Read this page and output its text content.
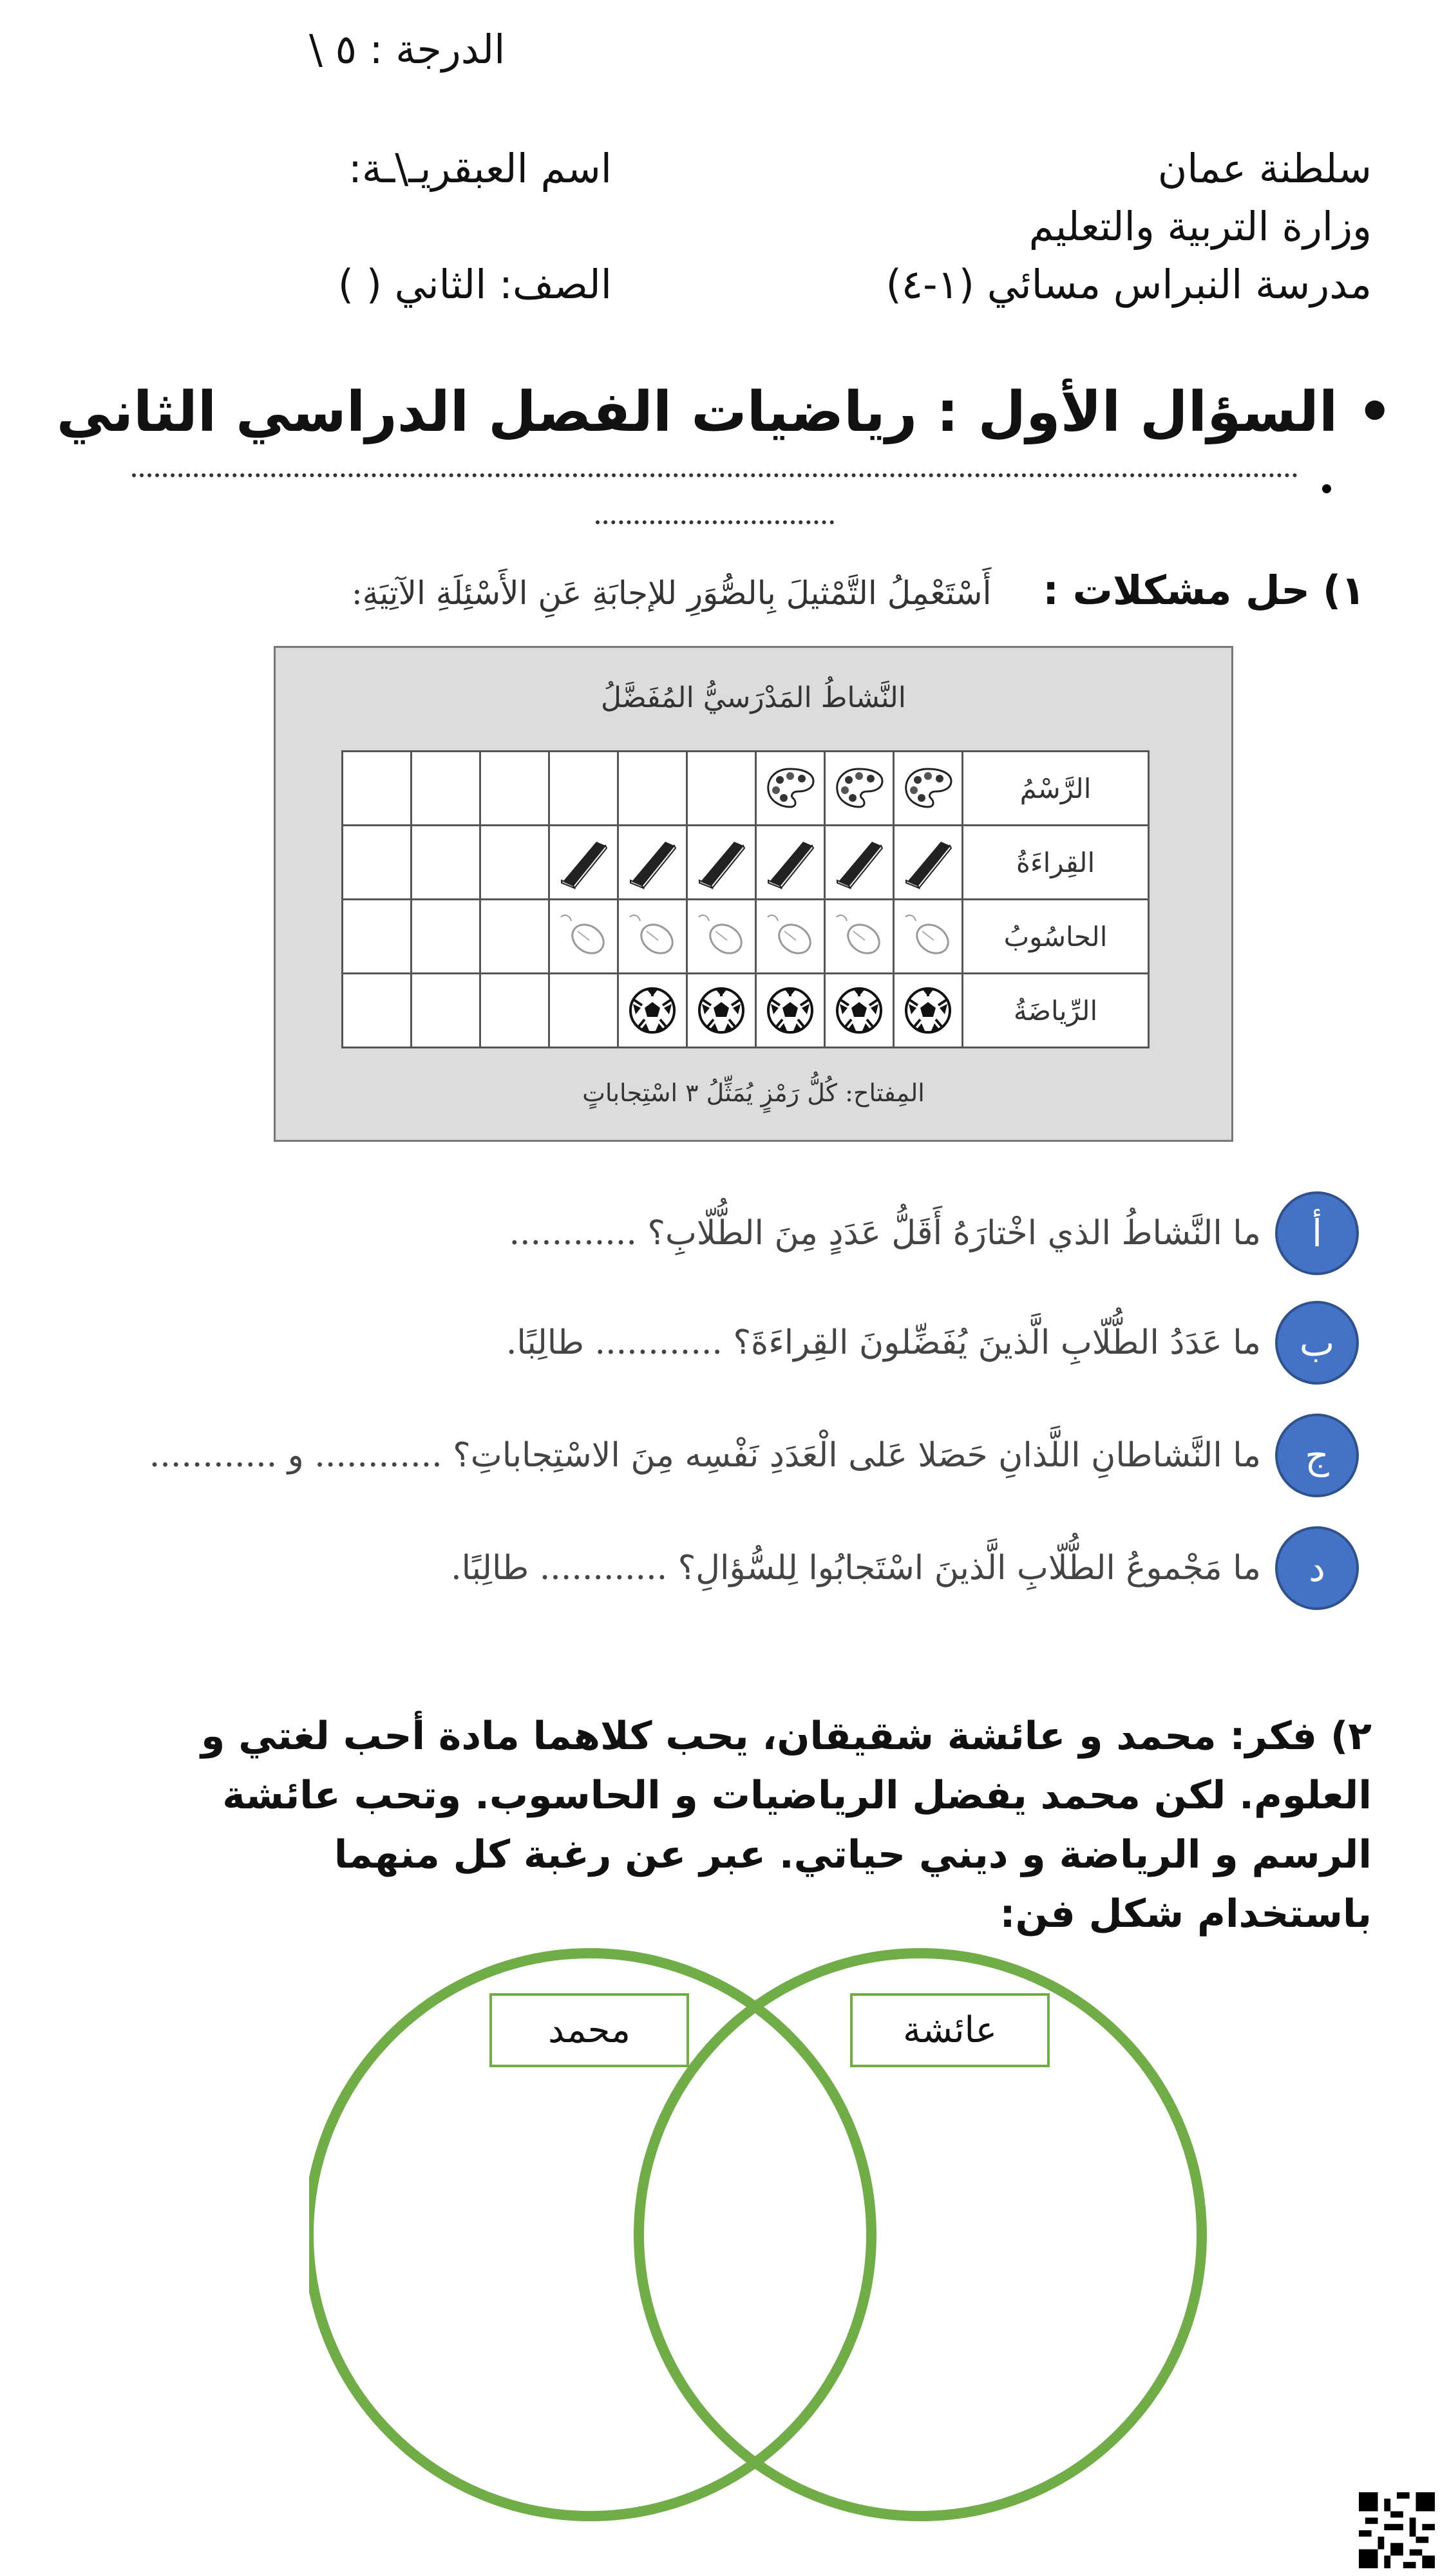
الدرجة : ٥ \
سلطنة عمان
وزارة التربية والتعليم
مدرسة النبراس مسائي (١-٤)
اسم العبقريـ\ـة:
الصف: الثاني ( )
• السؤال الأول : رياضيات الفصل الدراسي الثاني
١) حل مشكلات : أَسْتَعْمِلُ التَّمْثيلَ بِالصُّوَرِ للإجابَةِ عَنِ الأَسْئِلَةِ الآتِيَةِ:
النَّشاطُ المَدْرَسيُّ المُفَضَّلُ

	الرَّسْمُ

	القِراءَةُ

	الحاسُوبُ

	الرِّياضَةُ
المِفتاح: كُلُّ رَمْزٍ يُمَثِّلُ ٣ اسْتِجاباتٍ
أ
ما النَّشاطُ الذي اخْتارَهُ أَقَلُّ عَدَدٍ مِنَ الطُّلّابِ؟ ............
ب
ما عَدَدُ الطُّلّابِ الَّذينَ يُفَضِّلونَ القِراءَةَ؟ ............ طالِبًا.
ج
ما النَّشاطانِ اللَّذانِ حَصَلا عَلى الْعَدَدِ نَفْسِه مِنَ الاسْتِجاباتِ؟ ............ و ............
د
ما مَجْموعُ الطُّلّابِ الَّذينَ اسْتَجابُوا لِلسُّؤالِ؟ ............ طالِبًا.
٢) فكر: محمد و عائشة شقيقان، يحب كلاهما مادة أحب لغتي و العلوم. لكن محمد يفضل الرياضيات و الحاسوب. وتحب عائشة الرسم و الرياضة و ديني حياتي. عبر عن رغبة كل منهما باستخدام شكل فن:
محمد	عائشة
